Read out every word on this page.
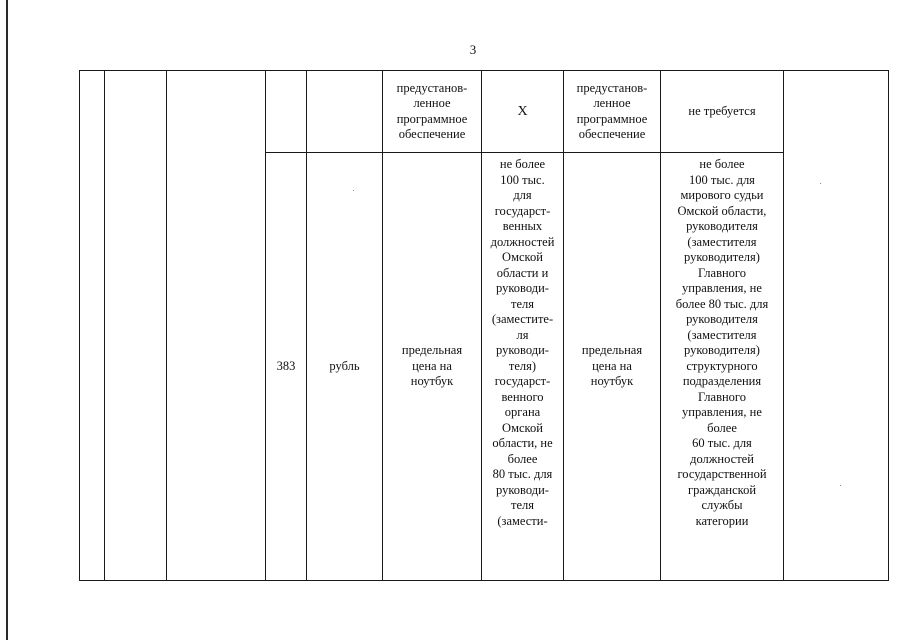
3
предустанов-
ленное
программное
обеспечение
Х
предустанов-
ленное
программное
обеспечение
не требуется
383	рубль
предельная
цена на
ноутбук
не более
100 тыс.
для
государст-
венных
должностей
Омской
области и
руководи-
теля
(заместите-
ля
руководи-
теля)
государст-
венного
органа
Омской
области, не
более
80 тыс. для
руководи-
теля
(замести-
предельная
цена на
ноутбук
не более
100 тыс. для
мирового судьи
Омской области,
руководителя
(заместителя
руководителя)
Главного
управления, не
более 80 тыс. для
руководителя
(заместителя
руководителя)
структурного
подразделения
Главного
управления, не
более
60 тыс. для
должностей
государственной
гражданской
службы
категории
